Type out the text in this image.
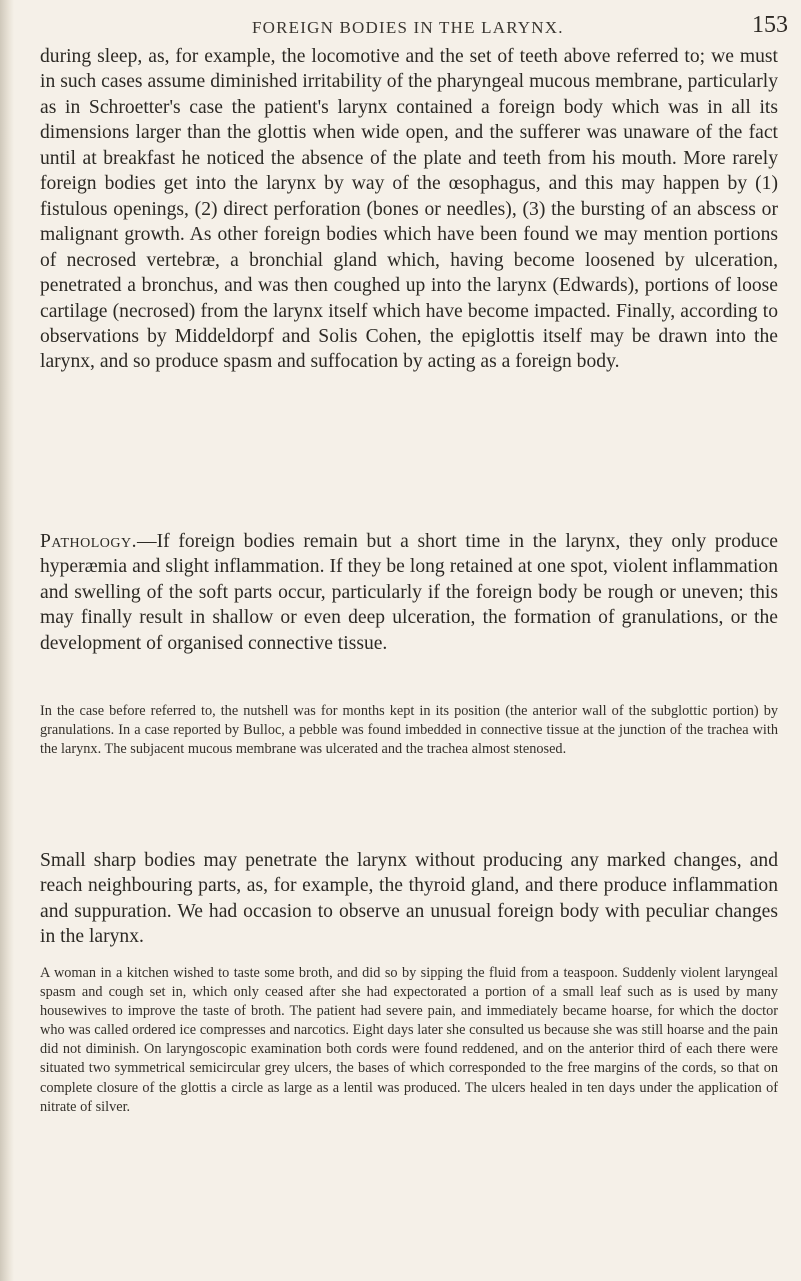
FOREIGN BODIES IN THE LARYNX.	153

during sleep, as, for example, the locomotive and the set of teeth above referred to; we must in such cases assume diminished irritability of the pharyngeal mucous membrane, particularly as in Schroetter's case the patient's larynx contained a foreign body which was in all its dimensions larger than the glottis when wide open, and the sufferer was unaware of the fact until at breakfast he noticed the absence of the plate and teeth from his mouth. More rarely foreign bodies get into the larynx by way of the œsophagus, and this may happen by (1) fistulous openings, (2) direct perforation (bones or needles), (3) the bursting of an abscess or malignant growth. As other foreign bodies which have been found we may mention portions of necrosed vertebræ, a bronchial gland which, having become loosened by ulceration, penetrated a bronchus, and was then coughed up into the larynx (Edwards), portions of loose cartilage (necrosed) from the larynx itself which have become impacted. Finally, according to observations by Middeldorpf and Solis Cohen, the epiglottis itself may be drawn into the larynx, and so produce spasm and suffocation by acting as a foreign body.

Pathology.—If foreign bodies remain but a short time in the larynx, they only produce hyperæmia and slight inflammation. If they be long retained at one spot, violent inflammation and swelling of the soft parts occur, particularly if the foreign body be rough or uneven; this may finally result in shallow or even deep ulceration, the formation of granulations, or the development of organised connective tissue.

In the case before referred to, the nutshell was for months kept in its position (the anterior wall of the subglottic portion) by granulations. In a case reported by Bulloc, a pebble was found imbedded in connective tissue at the junction of the trachea with the larynx. The subjacent mucous membrane was ulcerated and the trachea almost stenosed.

Small sharp bodies may penetrate the larynx without producing any marked changes, and reach neighbouring parts, as, for example, the thyroid gland, and there produce inflammation and suppuration. We had occasion to observe an unusual foreign body with peculiar changes in the larynx.

A woman in a kitchen wished to taste some broth, and did so by sipping the fluid from a teaspoon. Suddenly violent laryngeal spasm and cough set in, which only ceased after she had expectorated a portion of a small leaf such as is used by many housewives to improve the taste of broth. The patient had severe pain, and immediately became hoarse, for which the doctor who was called ordered ice compresses and narcotics. Eight days later she consulted us because she was still hoarse and the pain did not diminish. On laryngoscopic examination both cords were found reddened, and on the anterior third of each there were situated two symmetrical semicircular grey ulcers, the bases of which corresponded to the free margins of the cords, so that on complete closure of the glottis a circle as large as a lentil was produced. The ulcers healed in ten days under the application of nitrate of silver.
